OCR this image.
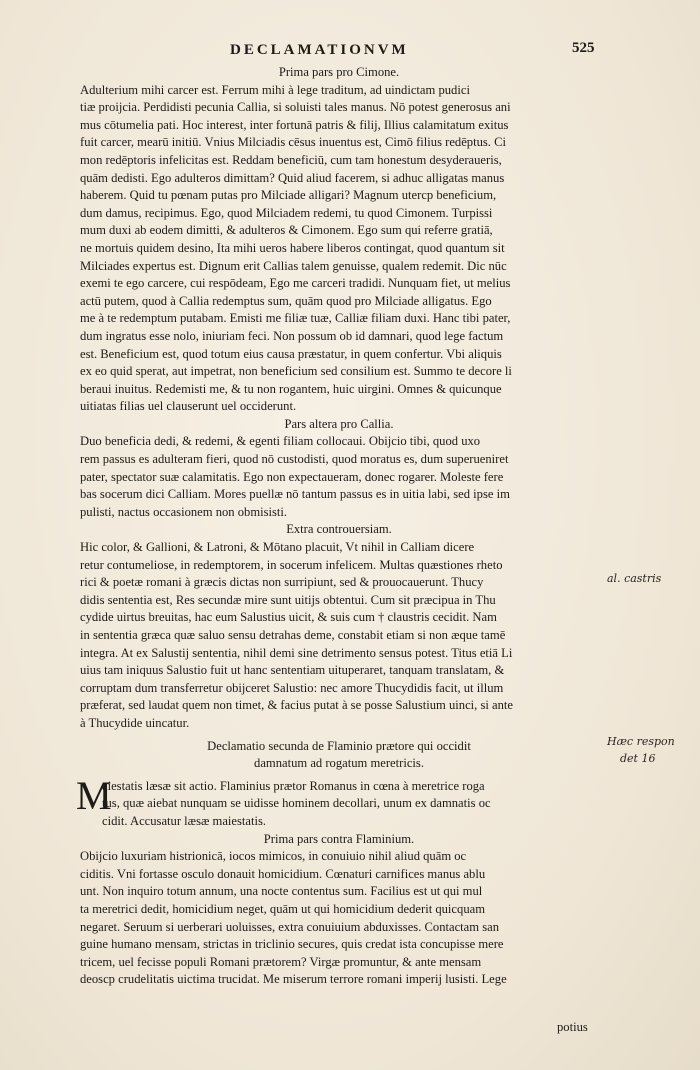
DECLAMATIONVM	525
Prima pars pro Cimone.
Adulterium mihi carcer est. Ferrum mihi à lege traditum, ad uindictam pudici
tiæ proijcia. Perdidisti pecunia Callia, si soluisti tales manus. Nō potest generosus ani
mus cōtumelia pati. Hoc interest, inter fortunā patris & filij, Illius calamitatum exitus
fuit carcer, mearū initiū. Vnius Milciadis cēsus inuentus est, Cimō filius redēptus. Ci
mon redēptoris infelicitas est. Reddam beneficiū, cum tam honestum desyderaueris,
quām dedisti. Ego adulteros dimittam? Quid aliud facerem, si adhuc alligatas manus
haberem. Quid tu pœnam putas pro Milciade alligari? Magnum utercp beneficium,
dum damus, recipimus. Ego, quod Milciadem redemi, tu quod Cimonem. Turpissi
mum duxi ab eodem dimitti, & adulteros & Cimonem. Ego sum qui referre gratiā,
ne mortuis quidem desino, Ita mihi ueros habere liberos contingat, quod quantum sit
Milciades expertus est. Dignum erit Callias talem genuisse, qualem redemit. Dic nūc
exemi te ego carcere, cui respōdeam, Ego me carceri tradidi. Nunquam fiet, ut melius
actū putem, quod à Callia redemptus sum, quām quod pro Milciade alligatus. Ego
me à te redemptum putabam. Emisti me filiæ tuæ, Calliæ filiam duxi. Hanc tibi pater,
dum ingratus esse nolo, iniuriam feci. Non possum ob id damnari, quod lege factum
est. Beneficium est, quod totum eius causa præstatur, in quem confertur. Vbi aliquis
ex eo quid sperat, aut impetrat, non beneficium sed consilium est. Summo te decore li
beraui inuitus. Redemisti me, & tu non rogantem, huic uirgini. Omnes & quicunque
uitiatas filias uel clauserunt uel occiderunt.
Pars altera pro Callia.
Duo beneficia dedi, & redemi, & egenti filiam collocaui. Obijcio tibi, quod uxo
rem passus es adulteram fieri, quod nō custodisti, quod moratus es, dum superueniret
pater, spectator suæ calamitatis. Ego non expectaueram, donec rogarer. Moleste fere
bas socerum dici Calliam. Mores puellæ nō tantum passus es in uitia labi, sed ipse im
pulisti, nactus occasionem non obmisisti.
Extra controuersiam.
Hic color, & Gallioni, & Latroni, & Mōtano placuit, Vt nihil in Calliam dicere
retur contumeliose, in redemptorem, in socerum infelicem. Multas quæstiones rheto
rici & poetæ romani à græcis dictas non surripiunt, sed & prouocauerunt. Thucy
didis sententia est, Res secundæ mire sunt uitijs obtentui. Cum sit præcipua in Thu
cydide uirtus breuitas, hac eum Salustius uicit, & suis cum † claustris cecidit. Nam
in sententia græca quæ saluo sensu detrahas deme, constabit etiam si non æque tamē
integra. At ex Salustij sententia, nihil demi sine detrimento sensus potest. Titus etiā Li
uius tam iniquus Salustio fuit ut hanc sententiam uituperaret, tanquam translatam, &
corruptam dum transferretur obijceret Salustio: nec amore Thucydidis facit, ut illum
præferat, sed laudat quem non timet, & facius putat à se posse Salustium uinci, si ante
à Thucydide uincatur.
Declamatio secunda de Flaminio prætore qui occidit
damnatum ad rogatum meretricis.
M
aiestatis læsæ sit actio. Flaminius prætor Romanus in cœna à meretrice roga
tus, quæ aiebat nunquam se uidisse hominem decollari, unum ex damnatis oc
cidit. Accusatur læsæ maiestatis.
Prima pars contra Flaminium.
Obijcio luxuriam histrionicā, iocos mimicos, in conuiuio nihil aliud quām oc
ciditis. Vni fortasse osculo donauit homicidium. Cœnaturi carnifices manus ablu
unt. Non inquiro totum annum, una nocte contentus sum. Facilius est ut qui mul
ta meretrici dedit, homicidium neget, quām ut qui homicidium dederit quicquam
negaret. Seruum si uerberari uoluisses, extra conuiuium abduxisses. Contactam san
guine humano mensam, strictas in triclinio secures, quis credat ista concupisse mere
tricem, uel fecisse populi Romani prætorem? Virgæ promuntur, & ante mensam
deoscp crudelitatis uictima trucidat. Me miserum terrore romani imperij lusisti. Lege
potius
al. castris
Hæc respon
det 16
